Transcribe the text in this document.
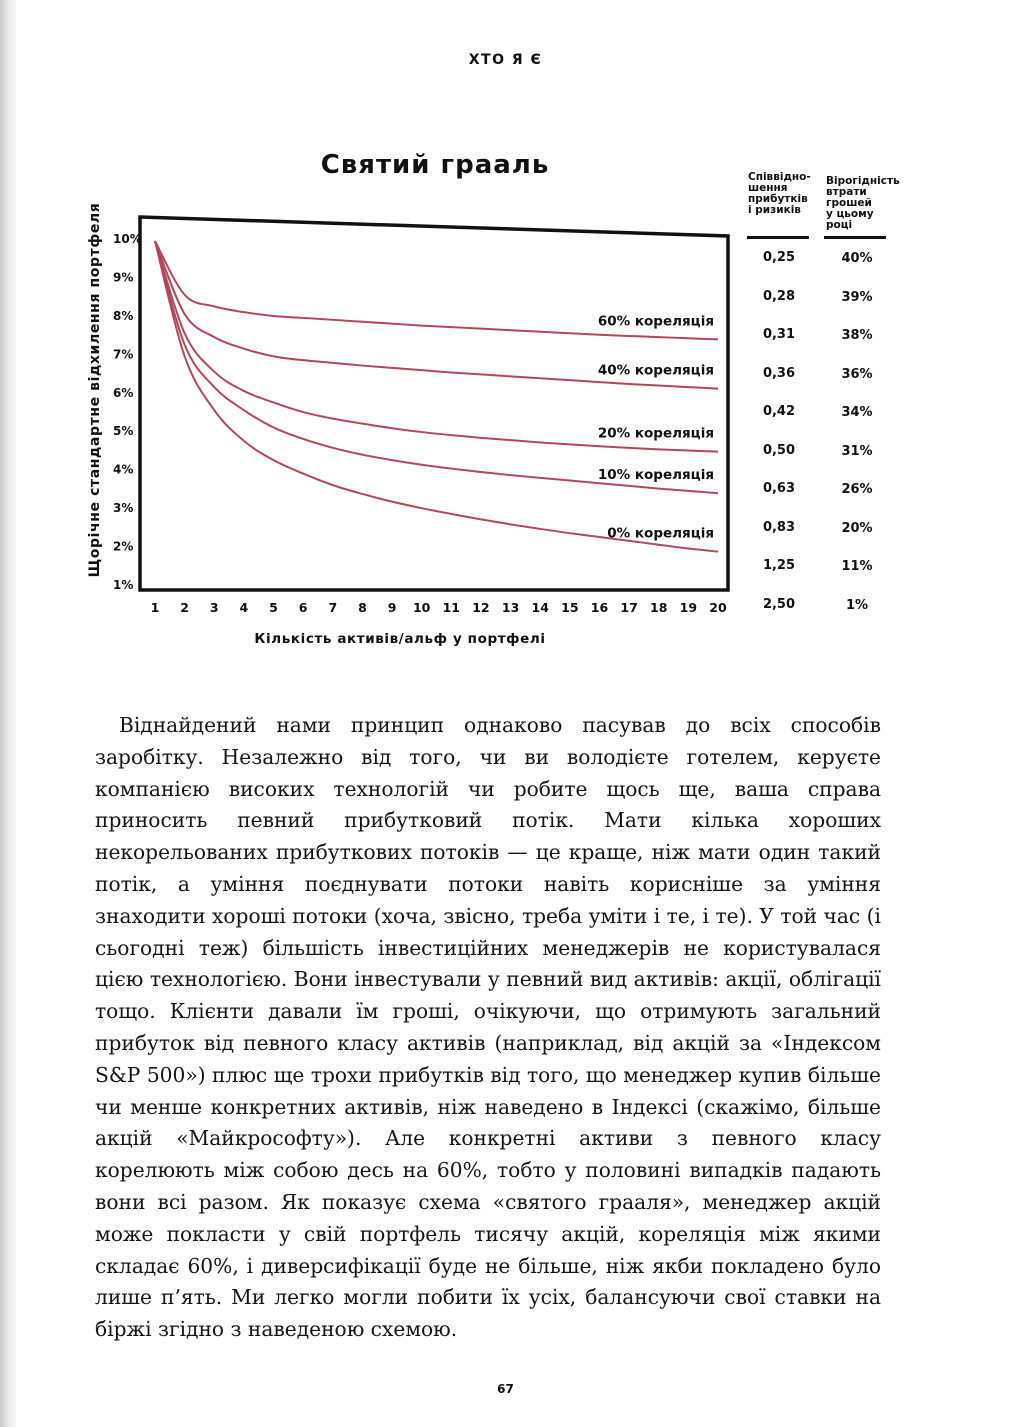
ХТО Я Є
Святий грааль
10%
9%
8%
7%
6%
5%
4%
3%
2%
1%
1 2 3 4 5 6 7 8 9 10 11 12 13 14 15 16 17 18 19 20
Кількість активів/альф у портфелі
Щорічне стандартне відхилення портфеля	60% кореляція
40% кореляція
20% кореляція
10% кореляція
0% кореляція
Співвідно-
шення
прибутків
і ризиків
Вірогідність
втрати
грошей
у цьому
році
0,25	40%
0,28	39%
0,31	38%
0,36	36%
0,42	34%
0,50	31%
0,63	26%
0,83	20%
1,25	11%
2,50	1%

Віднайдений нами принцип однаково пасував до всіх способів заробітку. Незалежно від того, чи ви володієте готелем, керуєте компанією високих технологій чи робите щось ще, ваша справа приносить певний прибутковий потік. Мати кілька хороших некорельованих прибуткових потоків — це краще, ніж мати один такий потік, а уміння поєднувати потоки навіть корисніше за уміння знаходити хороші потоки (хоча, звісно, треба уміти і те, і те). У той час (і сьогодні теж) більшість інвестиційних менеджерів не користувалася цією технологією. Вони інвестували у певний вид активів: акції, облігації тощо. Клієнти давали їм гроші, очікуючи, що отримують загальний прибуток від певного класу активів (наприклад, від акцій за «Індексом S&P 500») плюс ще трохи прибутків від того, що менеджер купив більше чи менше конкретних активів, ніж наведено в Індексі (скажімо, більше акцій «Майкрософту»). Але конкретні активи з певного класу корелюють між собою десь на 60%, тобто у половині випадків падають вони всі разом. Як показує схема «святого грааля», менеджер акцій може покласти у свій портфель тисячу акцій, кореляція між якими складає 60%, і диверсифікації буде не більше, ніж якби покладено було лише п’ять. Ми легко могли побити їх усіх, балансуючи свої ставки на біржі згідно з наведеною схемою.

67
